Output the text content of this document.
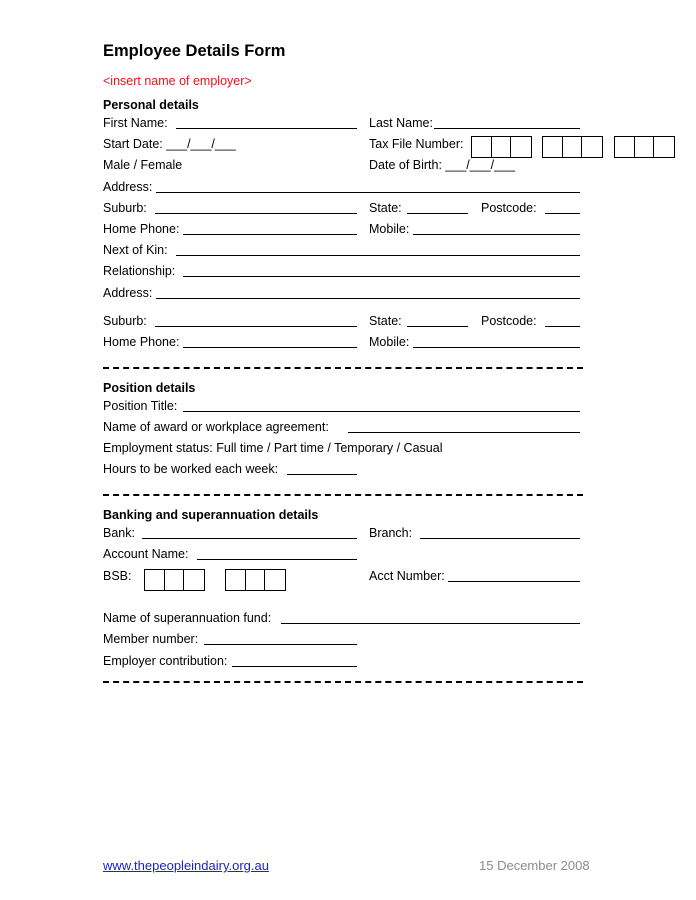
Employee Details Form
<insert name of employer>
Personal details
First Name:	Last Name:
Start Date: ___/___/___	Tax File Number:
Male / Female	Date of Birth: ___/___/___
Address:
Suburb:	State:	Postcode:
Home Phone:	Mobile:
Next of Kin:
Relationship:
Address:
Suburb:	State:	Postcode:
Home Phone:	Mobile:
Position details
Position Title:
Name of award or workplace agreement:
Employment status: Full time / Part time / Temporary / Casual
Hours to be worked each week:
Banking and superannuation details
Bank:	Branch:
Account Name:
BSB:	Acct Number:
Name of superannuation fund:
Member number:
Employer contribution:
www.thepeopleindairy.org.au	15 December 2008
